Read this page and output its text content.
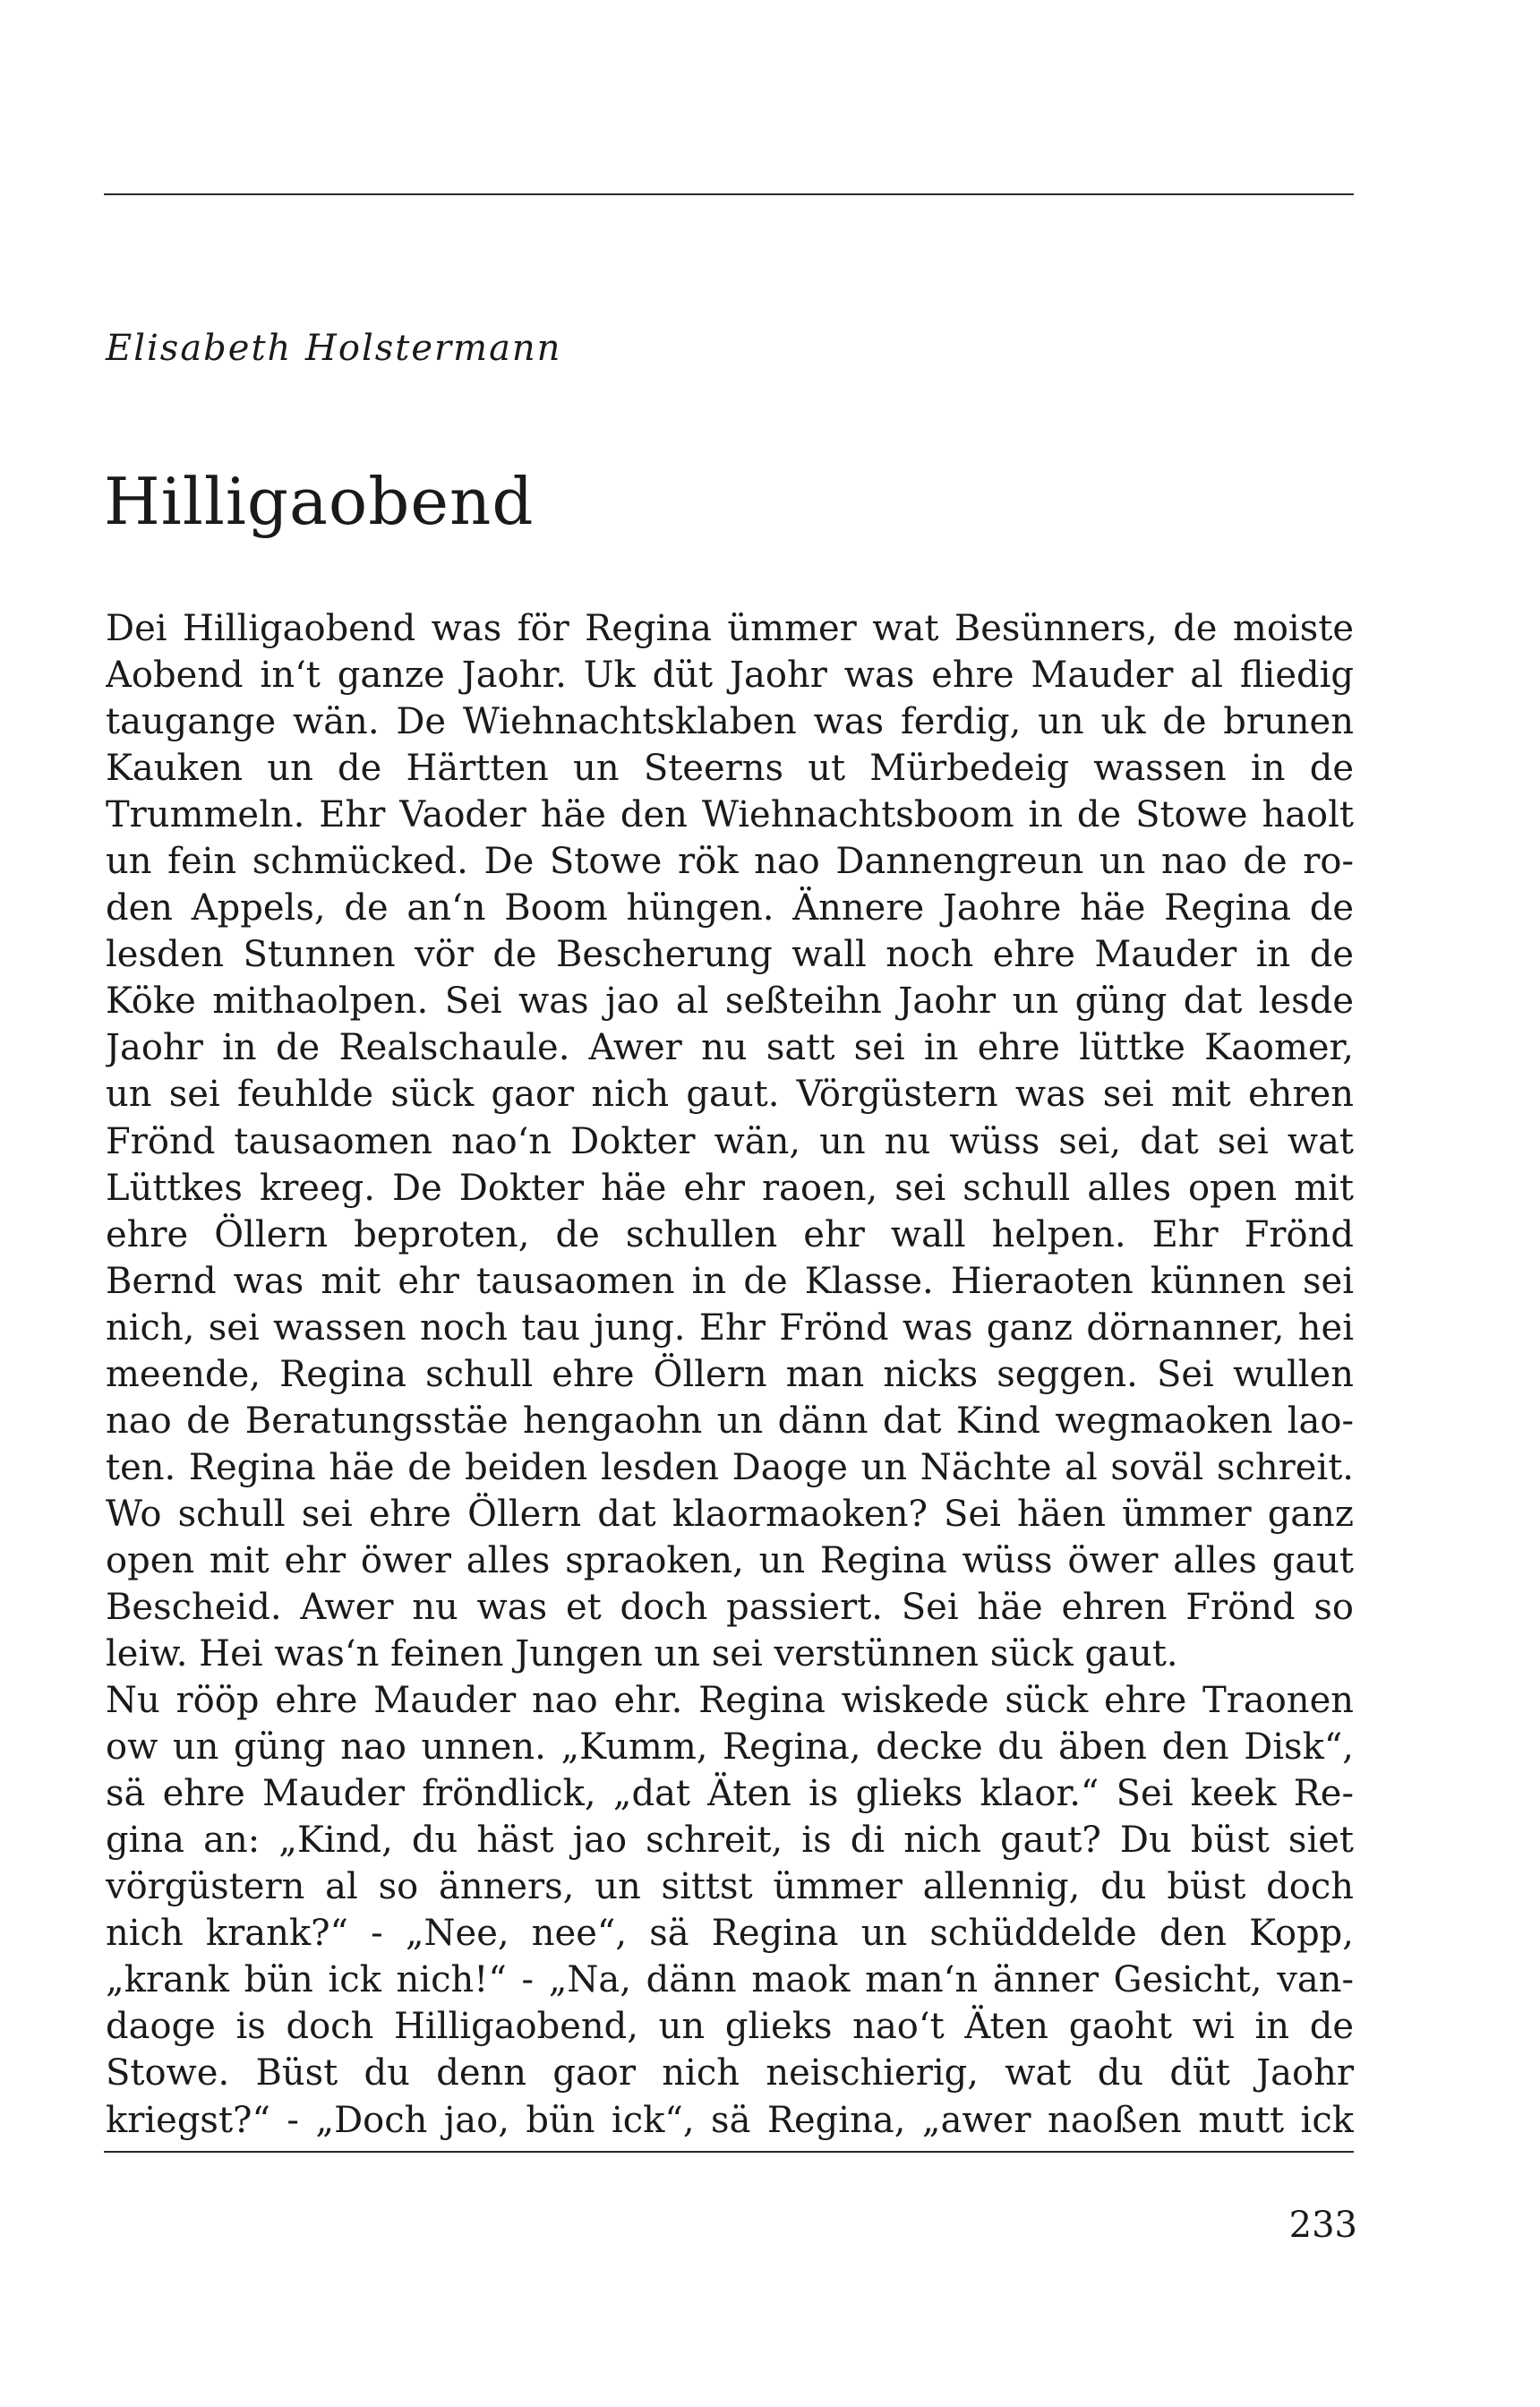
Elisabeth Holstermann
Hilligaobend
Dei Hilligaobend was för Regina ümmer wat Besünners, de moiste
Aobend in‘t ganze Jaohr. Uk düt Jaohr was ehre Mauder al fliedig
taugange wän. De Wiehnachtsklaben was ferdig, un uk de brunen
Kauken un de Härtten un Steerns ut Mürbedeig wassen in de
Trummeln. Ehr Vaoder häe den Wiehnachtsboom in de Stowe haolt
un fein schmücked. De Stowe rök nao Dannengreun un nao de ro-
den Appels, de an‘n Boom hüngen. Ännere Jaohre häe Regina de
lesden Stunnen vör de Bescherung wall noch ehre Mauder in de
Köke mithaolpen. Sei was jao al seßteihn Jaohr un güng dat lesde
Jaohr in de Realschaule. Awer nu satt sei in ehre lüttke Kaomer,
un sei feuhlde sück gaor nich gaut. Vörgüstern was sei mit ehren
Frönd tausaomen nao‘n Dokter wän, un nu wüss sei, dat sei wat
Lüttkes kreeg. De Dokter häe ehr raoen, sei schull alles open mit
ehre Öllern beproten, de schullen ehr wall helpen. Ehr Frönd
Bernd was mit ehr tausaomen in de Klasse. Hieraoten künnen sei
nich, sei wassen noch tau jung. Ehr Frönd was ganz dörnanner, hei
meende, Regina schull ehre Öllern man nicks seggen. Sei wullen
nao de Beratungsstäe hengaohn un dänn dat Kind wegmaoken lao-
ten. Regina häe de beiden lesden Daoge un Nächte al soväl schreit.
Wo schull sei ehre Öllern dat klaormaoken? Sei häen ümmer ganz
open mit ehr öwer alles spraoken, un Regina wüss öwer alles gaut
Bescheid. Awer nu was et doch passiert. Sei häe ehren Frönd so
leiw. Hei was‘n feinen Jungen un sei verstünnen sück gaut.
Nu rööp ehre Mauder nao ehr. Regina wiskede sück ehre Traonen
ow un güng nao unnen. „Kumm, Regina, decke du äben den Disk“,
sä ehre Mauder fröndlick, „dat Äten is glieks klaor.“ Sei keek Re-
gina an: „Kind, du häst jao schreit, is di nich gaut? Du büst siet
vörgüstern al so änners, un sittst ümmer allennig, du büst doch
nich krank?“ - „Nee, nee“, sä Regina un schüddelde den Kopp,
„krank bün ick nich!“ - „Na, dänn maok man‘n änner Gesicht, van-
daoge is doch Hilligaobend, un glieks nao‘t Äten gaoht wi in de
Stowe. Büst du denn gaor nich neischierig, wat du düt Jaohr
kriegst?“ - „Doch jao, bün ick“, sä Regina, „awer naoßen mutt ick
233
